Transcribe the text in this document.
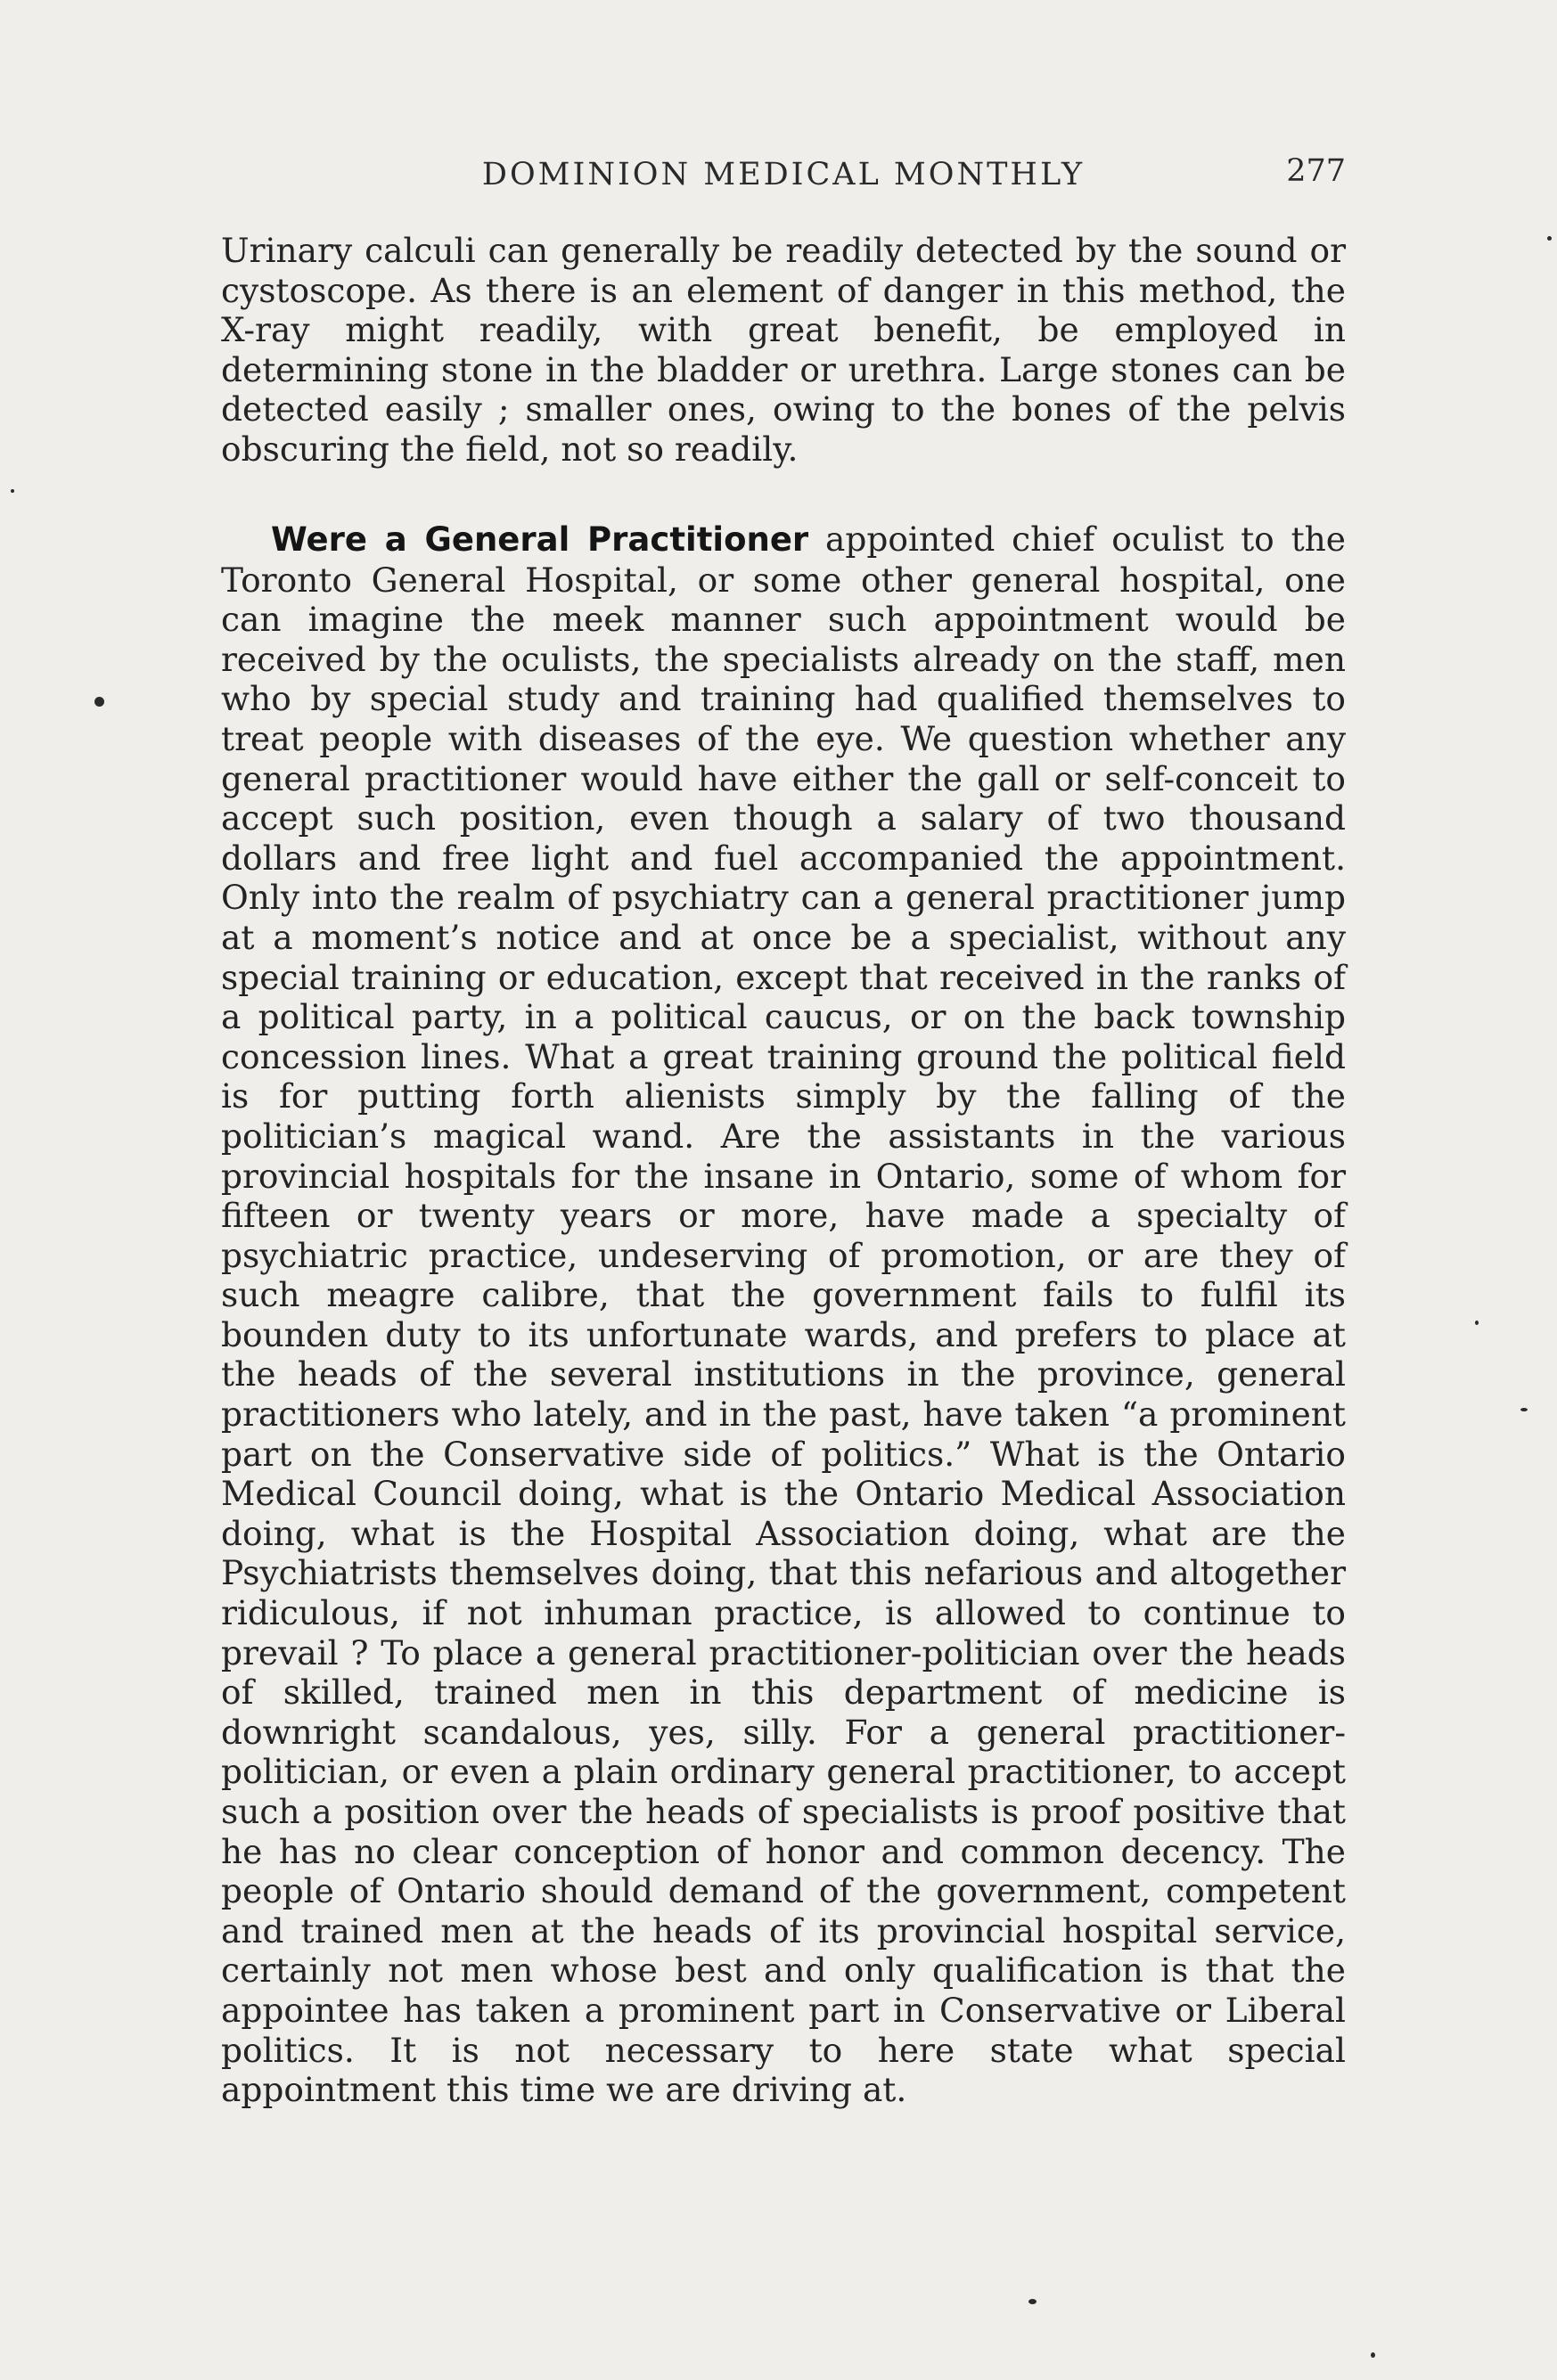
DOMINION MEDICAL MONTHLY	277

Urinary calculi can generally be readily detected by the sound or cystoscope. As there is an element of danger in this method, the X-ray might readily, with great benefit, be employed in determining stone in the bladder or urethra. Large stones can be detected easily ; smaller ones, owing to the bones of the pelvis obscuring the field, not so readily.

Were a General Practitioner appointed chief oculist to the Toronto General Hospital, or some other general hospital, one can imagine the meek manner such appointment would be received by the oculists, the specialists already on the staff, men who by special study and training had qualified themselves to treat people with diseases of the eye. We question whether any general practitioner would have either the gall or self-conceit to accept such position, even though a salary of two thousand dollars and free light and fuel accompanied the appointment. Only into the realm of psychiatry can a general practitioner jump at a moment’s notice and at once be a specialist, without any special training or education, except that received in the ranks of a political party, in a political caucus, or on the back township concession lines. What a great training ground the political field is for putting forth alienists simply by the falling of the politician’s magical wand. Are the assistants in the various provincial hospitals for the insane in Ontario, some of whom for fifteen or twenty years or more, have made a specialty of psychiatric practice, undeserving of promotion, or are they of such meagre calibre, that the government fails to fulfil its bounden duty to its unfortunate wards, and prefers to place at the heads of the several institutions in the province, general practitioners who lately, and in the past, have taken “a prominent part on the Conservative side of politics.” What is the Ontario Medical Council doing, what is the Ontario Medical Association doing, what is the Hospital Association doing, what are the Psychiatrists themselves doing, that this nefarious and altogether ridiculous, if not inhuman practice, is allowed to continue to prevail ? To place a general practitioner-politician over the heads of skilled, trained men in this department of medicine is downright scandalous, yes, silly. For a general practitioner-politician, or even a plain ordinary general practitioner, to accept such a position over the heads of specialists is proof positive that he has no clear conception of honor and common decency. The people of Ontario should demand of the government, competent and trained men at the heads of its provincial hospital service, certainly not men whose best and only qualification is that the appointee has taken a prominent part in Conservative or Liberal politics. It is not necessary to here state what special appointment this time we are driving at.
